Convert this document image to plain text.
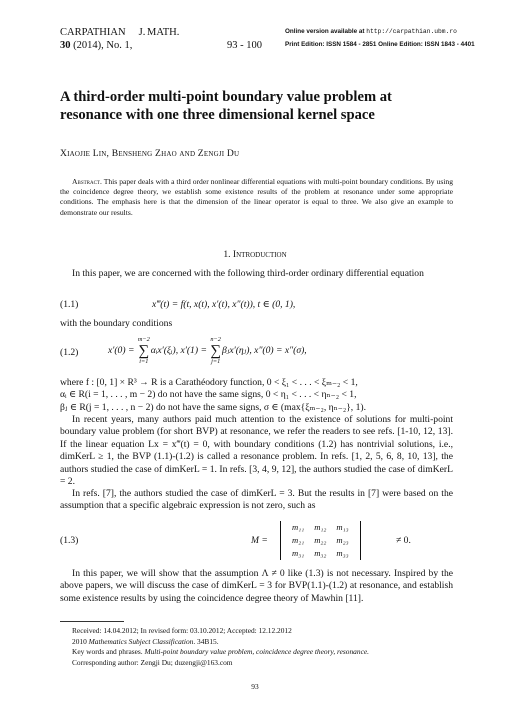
CARPATHIAN J. MATH.
30 (2014), No. 1,	93 - 100
Online version available at http://carpathian.ubm.ro
Print Edition: ISSN 1584 - 2851 Online Edition: ISSN 1843 - 4401
A third-order multi-point boundary value problem at
resonance with one three dimensional kernel space
Xiaojie Lin, Bensheng Zhao and Zengji Du
Abstract. This paper deals with a third order nonlinear differential equations with multi-point boundary conditions. By using the coincidence degree theory, we establish some existence results of the problem at resonance under some appropriate conditions. The emphasis here is that the dimension of the linear operator is equal to three. We also give an example to demonstrate our results.
1. Introduction
In this paper, we are concerned with the following third-order ordinary differential equation
(1.1)	x‴(t) = f(t, x(t), x′(t), x″(t)), t ∈ (0, 1),
with the boundary conditions
(1.2)	x′(0) =
m−2
∑
i=1
αᵢx′(ξᵢ), x′(1) =
n−2
∑
j=1
βⱼx′(ηⱼ), x″(0) = x″(σ),
where f : [0, 1] × R³ → R is a Carathéodory function, 0 < ξ₁ < . . . < ξₘ₋₂ < 1,
αᵢ ∈ R(i = 1, . . . , m − 2) do not have the same signs, 0 < η₁ < . . . < ηₙ₋₂ < 1,
βⱼ ∈ R(j = 1, . . . , n − 2) do not have the same signs, σ ∈ (max{ξₘ₋₂, ηₙ₋₂}, 1).
In recent years, many authors paid much attention to the existence of solutions for multi-point boundary value problem (for short BVP) at resonance, we refer the readers to see refs. [1-10, 12, 13]. If the linear equation Lx = x‴(t) = 0, with boundary conditions (1.2) has nontrivial solutions, i.e., dimKerL ≥ 1, the BVP (1.1)-(1.2) is called a resonance problem. In refs. [1, 2, 5, 6, 8, 10, 13], the authors studied the case of dimKerL = 1. In refs. [3, 4, 9, 12], the authors studied the case of dimKerL = 2.
In refs. [7], the authors studied the case of dimKerL = 3. But the results in [7] were based on the assumption that a specific algebraic expression is not zero, such as
(1.3)	M =
m₁₁	m₁₂	m₁₃
m₂₁	m₂₂	m₂₃
m₃₁	m₃₂	m₃₃
≠ 0.
In this paper, we will show that the assumption Λ ≠ 0 like (1.3) is not necessary. Inspired by the above papers, we will discuss the case of dimKerL = 3 for BVP(1.1)-(1.2) at resonance, and establish some existence results by using the coincidence degree theory of Mawhin [11].
Received: 14.04.2012; In revised form: 03.10.2012; Accepted: 12.12.2012
2010 Mathematics Subject Classification. 34B15.
Key words and phrases. Multi-point boundary value problem, coincidence degree theory, resonance.
Corresponding author: Zengji Du; duzengji@163.com
93
